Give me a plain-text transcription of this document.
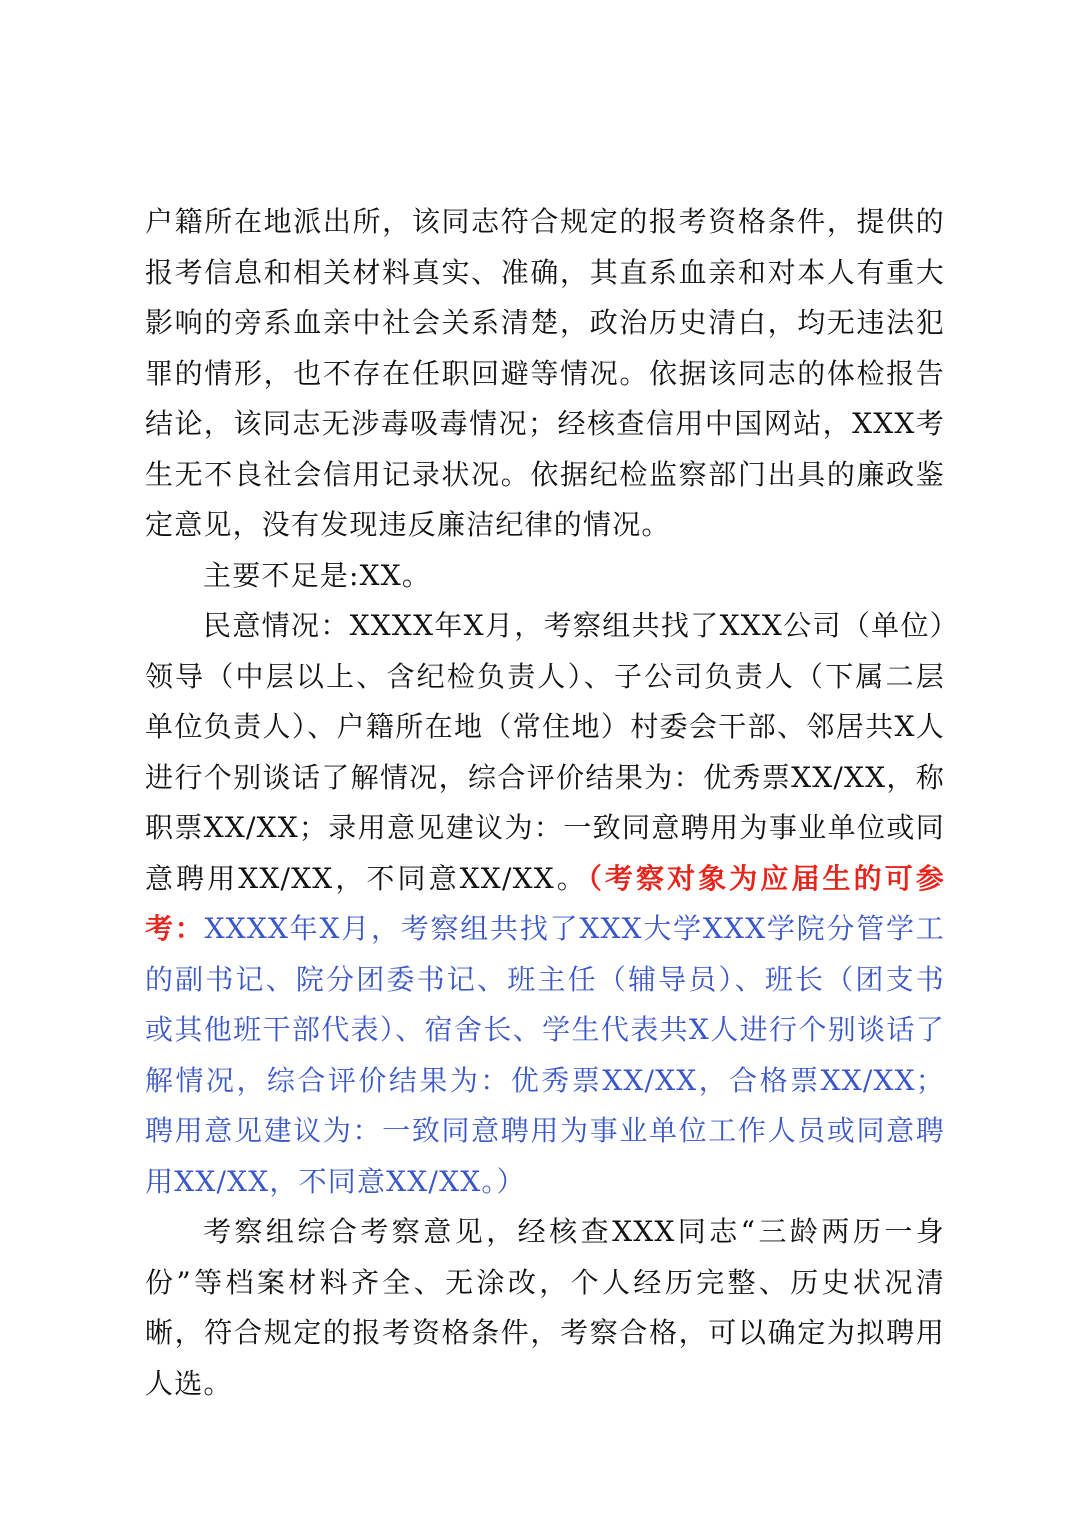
户籍所在地派出所，该同志符合规定的报考资格条件，提供的报考信息和相关材料真实、准确，其直系血亲和对本人有重大影响的旁系血亲中社会关系清楚，政治历史清白，均无违法犯罪的情形，也不存在任职回避等情况。依据该同志的体检报告结论，该同志无涉毒吸毒情况；经核查信用中国网站，XXX考生无不良社会信用记录状况。依据纪检监察部门出具的廉政鉴定意见，没有发现违反廉洁纪律的情况。

主要不足是:XX。

民意情况：XXXX年X月，考察组共找了XXX公司（单位）领导（中层以上、含纪检负责人）、子公司负责人（下属二层单位负责人）、户籍所在地（常住地）村委会干部、邻居共X人进行个别谈话了解情况，综合评价结果为：优秀票XX/XX，称职票XX/XX；录用意见建议为：一致同意聘用为事业单位或同意聘用XX/XX，不同意XX/XX。（考察对象为应届生的可参考：XXXX年X月，考察组共找了XXX大学XXX学院分管学工的副书记、院分团委书记、班主任（辅导员）、班长（团支书或其他班干部代表）、宿舍长、学生代表共X人进行个别谈话了解情况，综合评价结果为：优秀票XX/XX，合格票XX/XX；聘用意见建议为：一致同意聘用为事业单位工作人员或同意聘用XX/XX，不同意XX/XX。）

考察组综合考察意见，经核查XXX同志“三龄两历一身份”等档案材料齐全、无涂改，个人经历完整、历史状况清晰，符合规定的报考资格条件，考察合格，可以确定为拟聘用人选。
